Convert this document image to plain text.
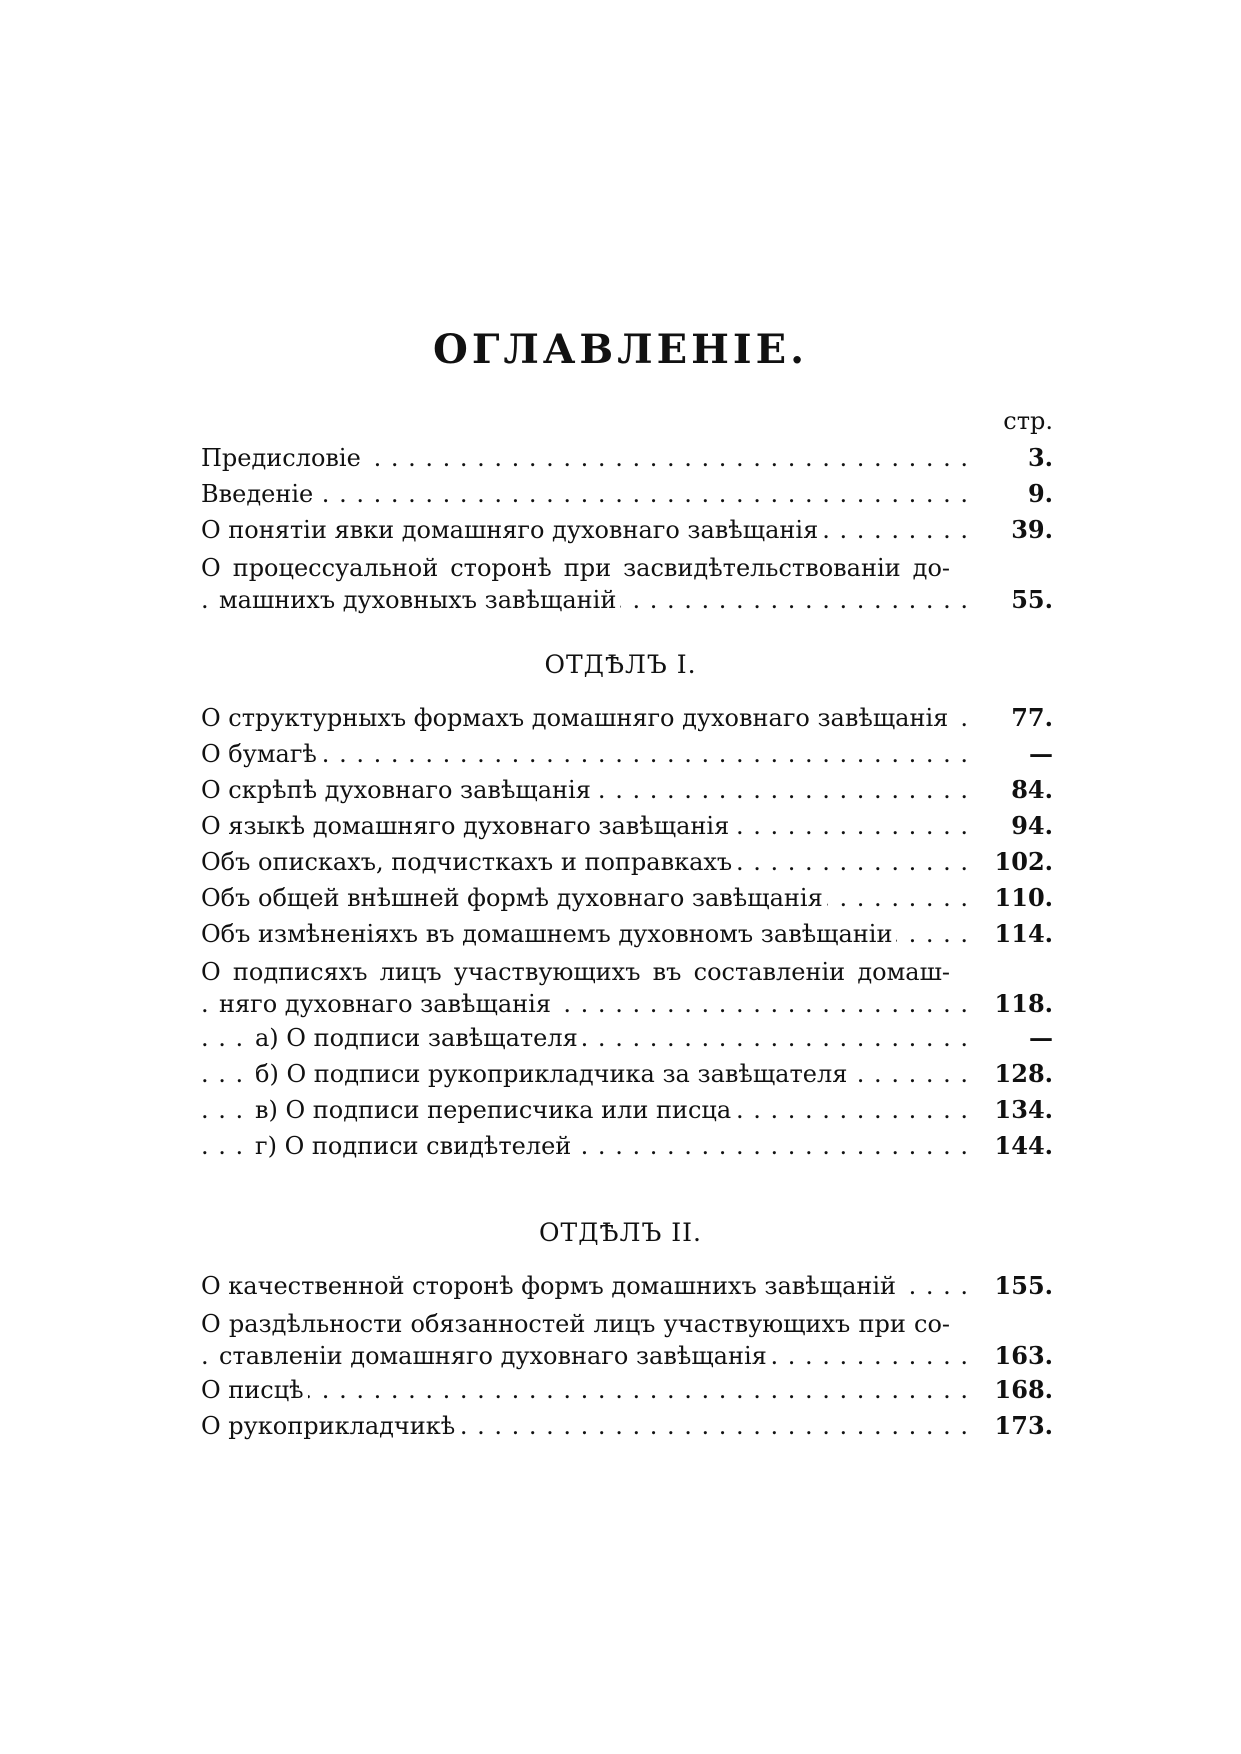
ОГЛАВЛЕНІЕ.
стр.
Предисловіе . . .	3.
Введеніе . . .	9.
О понятіи явки домашняго духовнаго завѣщанія . . .	39.
О процессуальной сторонѣ при засвидѣтельствованіи до-
машнихъ духовныхъ завѣщаній . . .	55.
ОТДѢЛЪ I.
О структурныхъ формахъ домашняго духовнаго завѣщанія . . .	77.
О бумагѣ . . .	—
О скрѣпѣ духовнаго завѣщанія . . .	84.
О языкѣ домашняго духовнаго завѣщанія . . .	94.
Объ опискахъ, подчисткахъ и поправкахъ . . .	102.
Объ общей внѣшней формѣ духовнаго завѣщанія . . .	110.
Объ измѣненіяхъ въ домашнемъ духовномъ завѣщаніи . . .	114.
О подписяхъ лицъ участвующихъ въ составленіи домаш-
няго духовнаго завѣщанія . . .	118.
а) О подписи завѣщателя . . .	—
б) О подписи рукоприкладчика за завѣщателя . . .	128.
в) О подписи переписчика или писца . . .	134.
г) О подписи свидѣтелей . . .	144.
ОТДѢЛЪ II.
О качественной сторонѣ формъ домашнихъ завѣщаній . . .	155.
О раздѣльности обязанностей лицъ участвующихъ при со-
ставленіи домашняго духовнаго завѣщанія . . .	163.
О писцѣ . . .	168.
О рукоприкладчикѣ . . .	173.
